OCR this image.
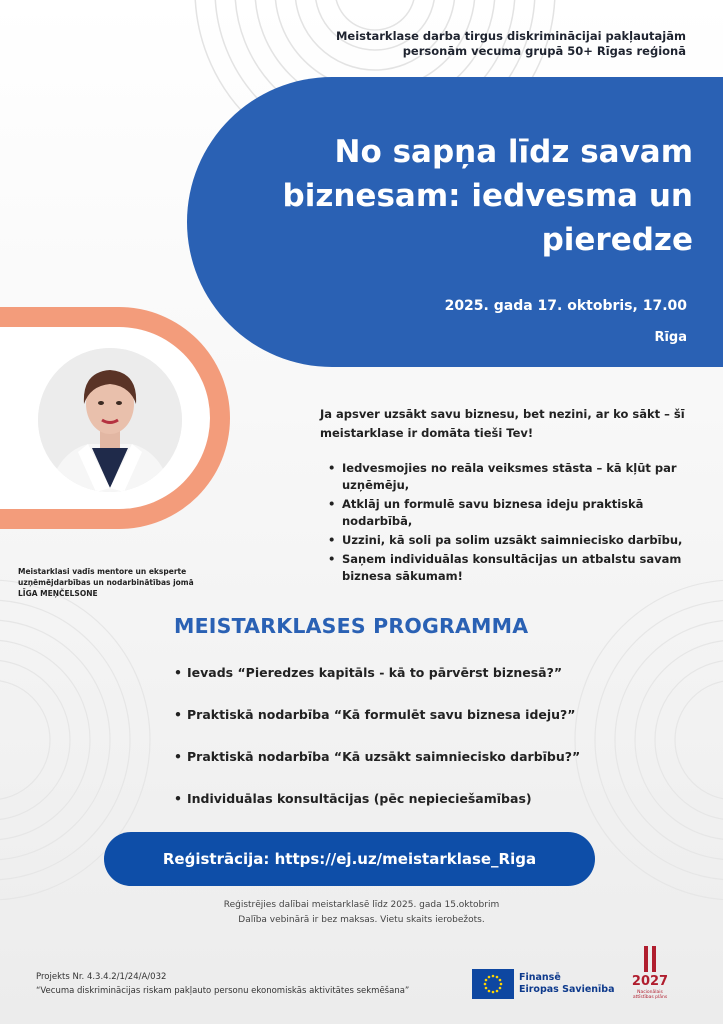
Meistarklase darba tirgus diskriminācijai pakļautajām
personām vecuma grupā 50+ Rīgas reģionā
No sapņa līdz savam
biznesam: iedvesma un
pieredze
2025. gada 17. oktobris, 17.00
Rīga
Meistarklasi vadīs mentore un eksperte
uzņēmējdarbības un nodarbinātības jomā
LĪGA MEŅČELSONE
Ja apsver uzsākt savu biznesu, bet nezini, ar ko sākt – šī meistarklase ir domāta tieši Tev!
• Iedvesmojies no reāla veiksmes stāsta – kā kļūt par uzņēmēju,
• Atklāj un formulē savu biznesa ideju praktiskā nodarbībā,
• Uzzini, kā soli pa solim uzsākt saimniecisko darbību,
• Saņem individuālas konsultācijas un atbalstu savam biznesa sākumam!
MEISTARKLASES PROGRAMMA
• Ievads “Pieredzes kapitāls - kā to pārvērst biznesā?”
• Praktiskā nodarbība “Kā formulēt savu biznesa ideju?”
• Praktiskā nodarbība “Kā uzsākt saimniecisko darbību?”
• Individuālas konsultācijas (pēc nepieciešamības)
Reģistrācija: https://ej.uz/meistarklase_Riga
Reģistrējies dalībai meistarklasē līdz 2025. gada 15.oktobrim
Dalība vebinārā ir bez maksas. Vietu skaits ierobežots.
Projekts Nr. 4.3.4.2/1/24/A/032
“Vecuma diskriminācijas riskam pakļauto personu ekonomiskās aktivitātes sekmēšana”
Finansē
Eiropas Savienība
2027
Nacionālais
attīstības plāns
